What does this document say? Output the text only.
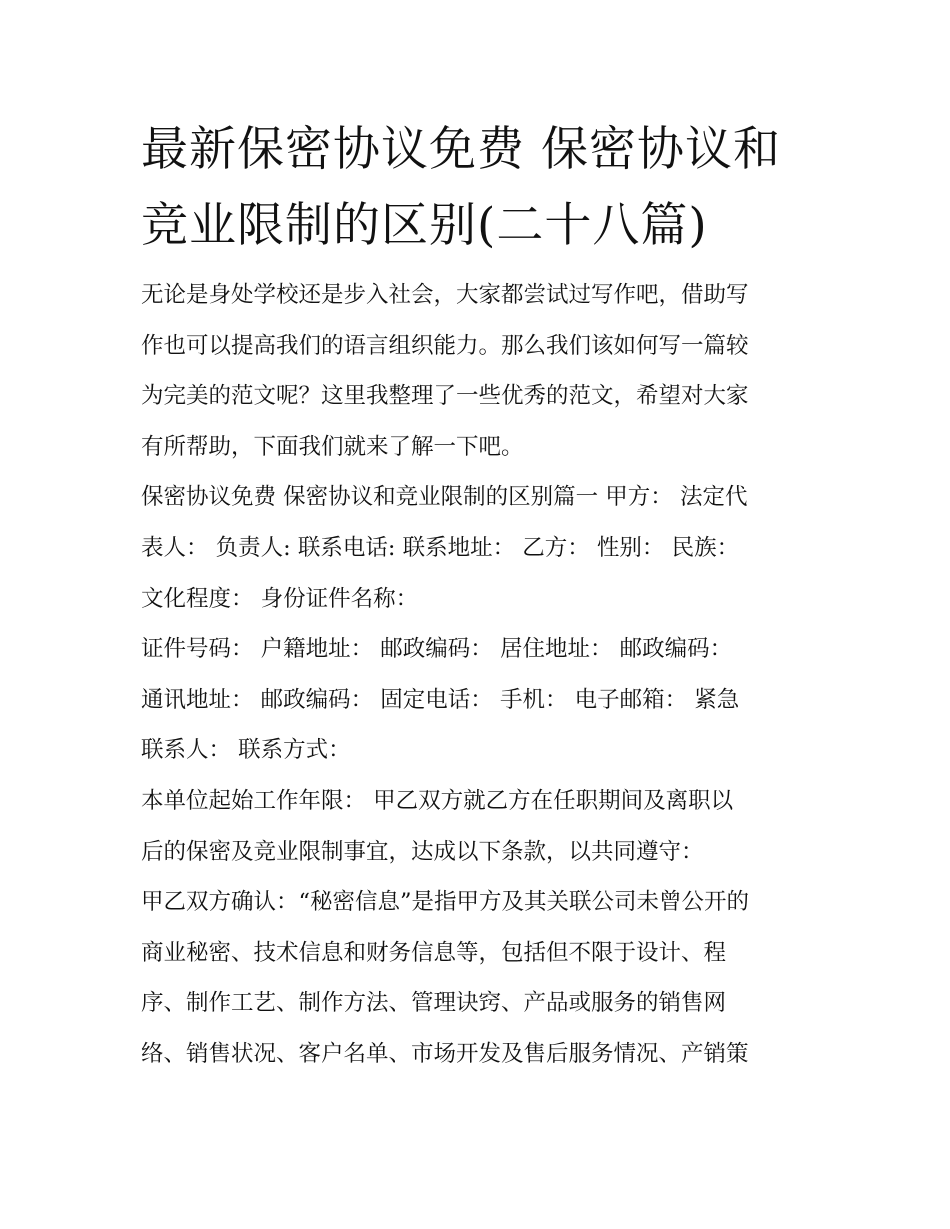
最新保密协议免费 保密协议和
竞业限制的区别(二十八篇)
无论是身处学校还是步入社会，大家都尝试过写作吧，借助写
作也可以提高我们的语言组织能力。那么我们该如何写一篇较
为完美的范文呢？这里我整理了一些优秀的范文，希望对大家
有所帮助，下面我们就来了解一下吧。
保密协议免费 保密协议和竞业限制的区别篇一 甲方： 法定代
表人： 负责人: 联系电话: 联系地址： 乙方： 性别： 民族：
文化程度： 身份证件名称：
证件号码： 户籍地址： 邮政编码： 居住地址： 邮政编码：
通讯地址： 邮政编码： 固定电话： 手机： 电子邮箱： 紧急
联系人： 联系方式：
本单位起始工作年限： 甲乙双方就乙方在任职期间及离职以
后的保密及竞业限制事宜，达成以下条款，以共同遵守：
甲乙双方确认：“秘密信息”是指甲方及其关联公司未曾公开的
商业秘密、技术信息和财务信息等，包括但不限于设计、程
序、制作工艺、制作方法、管理诀窍、产品或服务的销售网
络、销售状况、客户名单、市场开发及售后服务情况、产销策
